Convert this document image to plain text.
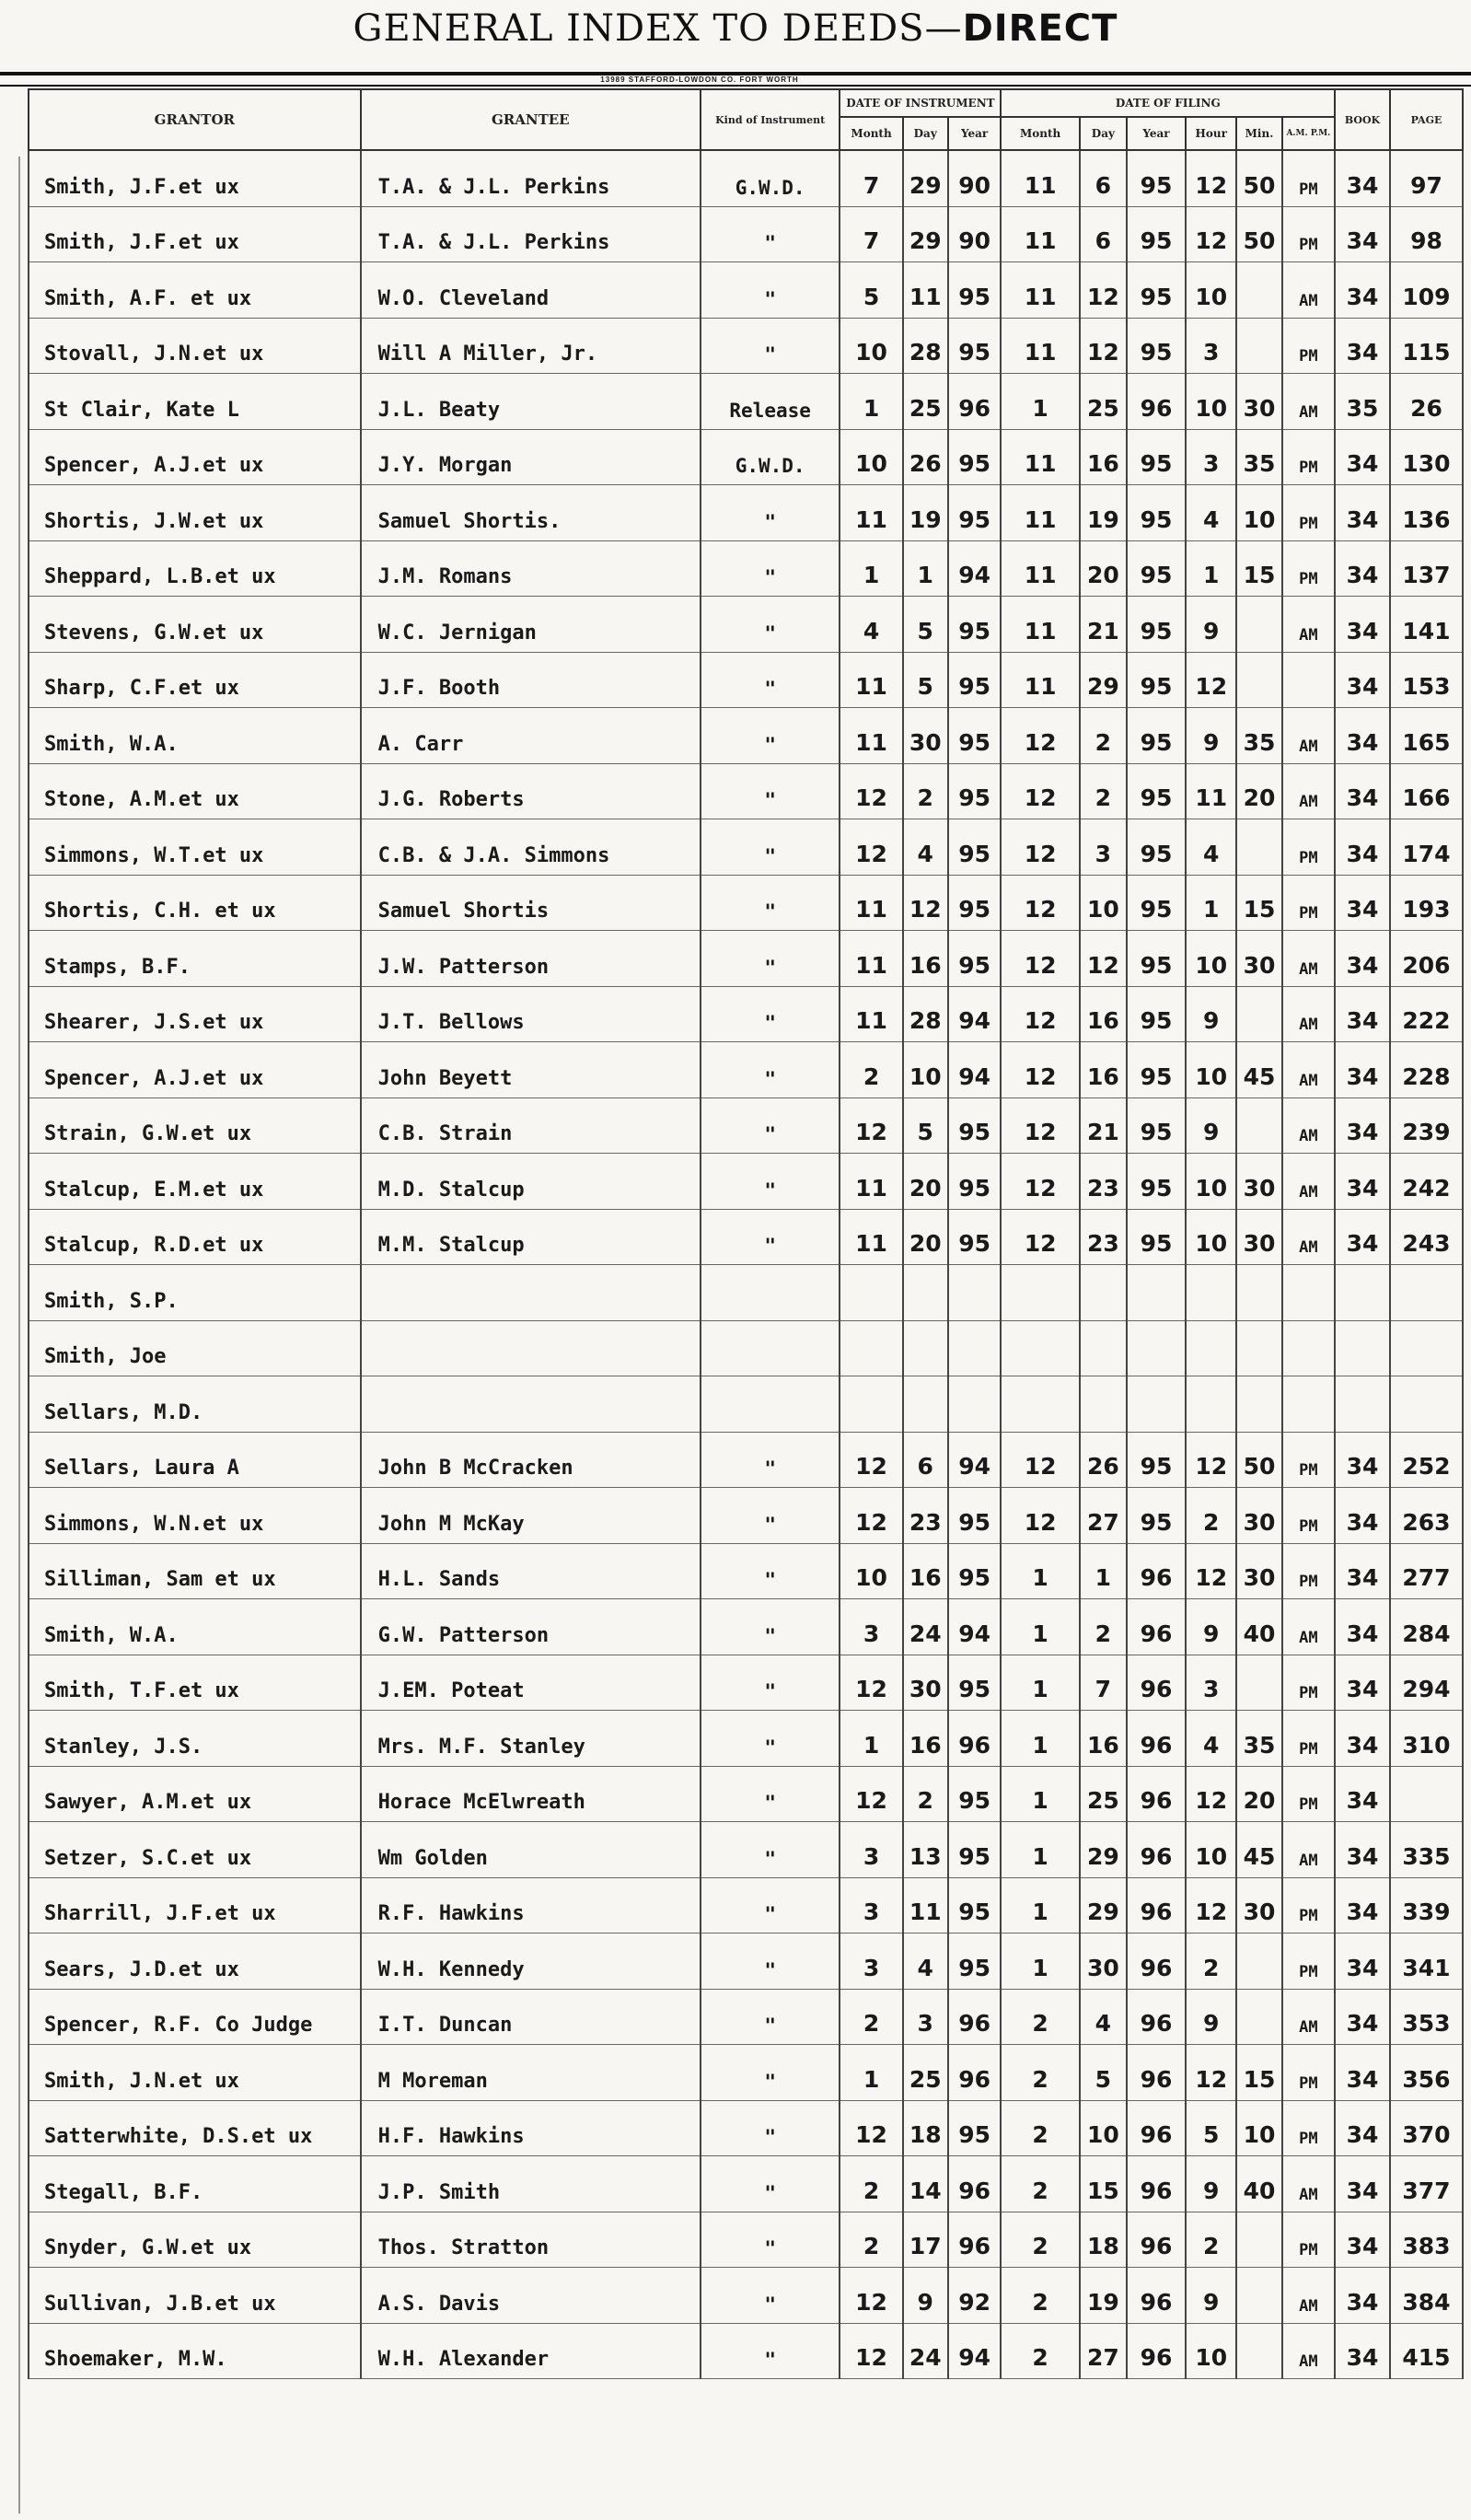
GENERAL INDEX TO DEEDS—DIRECT
13989 STAFFORD-LOWDON CO. FORT WORTH
GRANTOR	GRANTEE	Kind of Instrument	DATE OF INSTRUMENT			DATE OF FILING						BOOK	PAGE
			Month	Day	Year	Month	Day	Year	Hour	Min.	A.M. P.M.		

Smith, J.F.et ux	T.A. & J.L. Perkins	G.W.D.	7	29	90	11	6	95	12	50	PM	34	97

Smith, J.F.et ux	T.A. & J.L. Perkins	"	7	29	90	11	6	95	12	50	PM	34	98

Smith, A.F. et ux	W.O. Cleveland	"	5	11	95	11	12	95	10		AM	34	109

Stovall, J.N.et ux	Will A Miller, Jr.	"	10	28	95	11	12	95	3		PM	34	115

St Clair, Kate L	J.L. Beaty	Release	1	25	96	1	25	96	10	30	AM	35	26

Spencer, A.J.et ux	J.Y. Morgan	G.W.D.	10	26	95	11	16	95	3	35	PM	34	130

Shortis, J.W.et ux	Samuel Shortis.	"	11	19	95	11	19	95	4	10	PM	34	136

Sheppard, L.B.et ux	J.M. Romans	"	1	1	94	11	20	95	1	15	PM	34	137

Stevens, G.W.et ux	W.C. Jernigan	"	4	5	95	11	21	95	9		AM	34	141

Sharp, C.F.et ux	J.F. Booth	"	11	5	95	11	29	95	12			34	153

Smith, W.A.	A. Carr	"	11	30	95	12	2	95	9	35	AM	34	165

Stone, A.M.et ux	J.G. Roberts	"	12	2	95	12	2	95	11	20	AM	34	166

Simmons, W.T.et ux	C.B. & J.A. Simmons	"	12	4	95	12	3	95	4		PM	34	174

Shortis, C.H. et ux	Samuel Shortis	"	11	12	95	12	10	95	1	15	PM	34	193

Stamps, B.F.	J.W. Patterson	"	11	16	95	12	12	95	10	30	AM	34	206

Shearer, J.S.et ux	J.T. Bellows	"	11	28	94	12	16	95	9		AM	34	222

Spencer, A.J.et ux	John Beyett	"	2	10	94	12	16	95	10	45	AM	34	228

Strain, G.W.et ux	C.B. Strain	"	12	5	95	12	21	95	9		AM	34	239

Stalcup, E.M.et ux	M.D. Stalcup	"	11	20	95	12	23	95	10	30	AM	34	242

Stalcup, R.D.et ux	M.M. Stalcup	"	11	20	95	12	23	95	10	30	AM	34	243

Smith, S.P.													

Smith, Joe													

Sellars, M.D.													

Sellars, Laura A	John B McCracken	"	12	6	94	12	26	95	12	50	PM	34	252

Simmons, W.N.et ux	John M McKay	"	12	23	95	12	27	95	2	30	PM	34	263

Silliman, Sam et ux	H.L. Sands	"	10	16	95	1	1	96	12	30	PM	34	277

Smith, W.A.	G.W. Patterson	"	3	24	94	1	2	96	9	40	AM	34	284

Smith, T.F.et ux	J.EM. Poteat	"	12	30	95	1	7	96	3		PM	34	294

Stanley, J.S.	Mrs. M.F. Stanley	"	1	16	96	1	16	96	4	35	PM	34	310

Sawyer, A.M.et ux	Horace McElwreath	"	12	2	95	1	25	96	12	20	PM	34	

Setzer, S.C.et ux	Wm Golden	"	3	13	95	1	29	96	10	45	AM	34	335

Sharrill, J.F.et ux	R.F. Hawkins	"	3	11	95	1	29	96	12	30	PM	34	339

Sears, J.D.et ux	W.H. Kennedy	"	3	4	95	1	30	96	2		PM	34	341

Spencer, R.F. Co Judge	I.T. Duncan	"	2	3	96	2	4	96	9		AM	34	353

Smith, J.N.et ux	M Moreman	"	1	25	96	2	5	96	12	15	PM	34	356

Satterwhite, D.S.et ux	H.F. Hawkins	"	12	18	95	2	10	96	5	10	PM	34	370

Stegall, B.F.	J.P. Smith	"	2	14	96	2	15	96	9	40	AM	34	377

Snyder, G.W.et ux	Thos. Stratton	"	2	17	96	2	18	96	2		PM	34	383

Sullivan, J.B.et ux	A.S. Davis	"	12	9	92	2	19	96	9		AM	34	384

Shoemaker, M.W.	W.H. Alexander	"	12	24	94	2	27	96	10		AM	34	415
